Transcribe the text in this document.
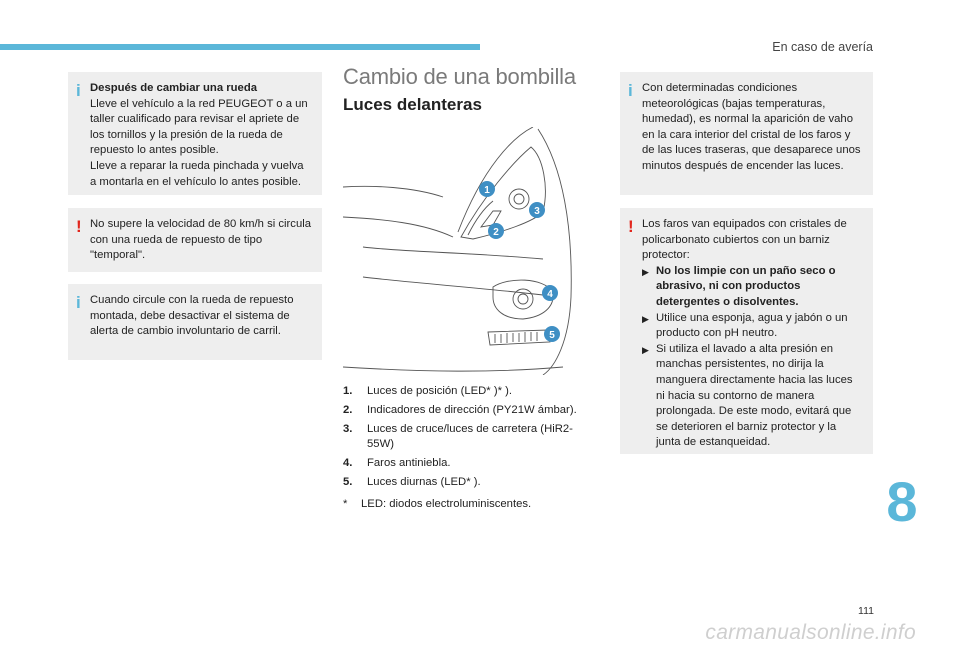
En caso de avería
i Después de cambiar una rueda

Lleve el vehículo a la red PEUGEOT o a un taller cualificado para revisar el apriete de los tornillos y la presión de la rueda de repuesto lo antes posible.

Lleve a reparar la rueda pinchada y vuelva a montarla en el vehículo lo antes posible.

! No supere la velocidad de 80 km/h si circula con una rueda de repuesto de tipo "temporal".

i Cuando circule con la rueda de repuesto montada, debe desactivar el sistema de alerta de cambio involuntario de carril.

Cambio de una bombilla
Luces delanteras
1
2
3
4
5
1. Luces de posición (LED* )* ).
2. Indicadores de dirección (PY21W ámbar).
3. Luces de cruce/luces de carretera (HiR2-55W)
4. Faros antiniebla.
5. Luces diurnas (LED* ).
* LED: diodos electroluminiscentes.
i Con determinadas condiciones meteorológicas (bajas temperaturas, humedad), es normal la aparición de vaho en la cara interior del cristal de los faros y de las luces traseras, que desaparece unos minutos después de encender las luces.

! Los faros van equipados con cristales de policarbonato cubiertos con un barniz protector:

▶ No los limpie con un paño seco o abrasivo, ni con productos detergentes o disolventes.

▶ Utilice una esponja, agua y jabón o un producto con pH neutro.

▶ Si utiliza el lavado a alta presión en manchas persistentes, no dirija la manguera directamente hacia las luces ni hacia su contorno de manera prolongada. De este modo, evitará que se deterioren el barniz protector y la junta de estanqueidad.

8
111
carmanualsonline.info
